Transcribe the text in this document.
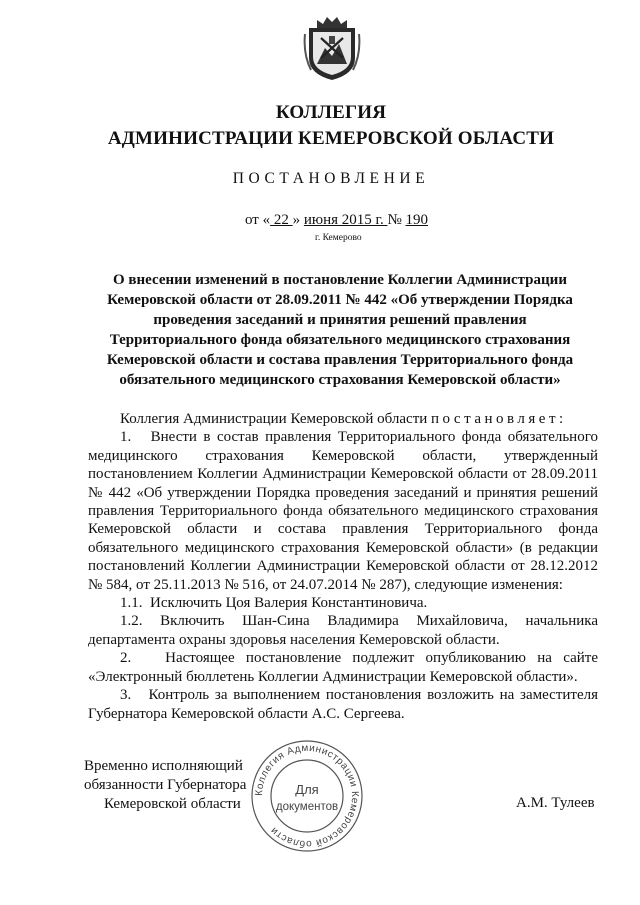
КОЛЛЕГИЯ
АДМИНИСТРАЦИИ КЕМЕРОВСКОЙ ОБЛАСТИ
ПОСТАНОВЛЕНИЕ
от « 22 » июня 2015 г. № 190
г. Кемерово
О внесении изменений в постановление Коллегии Администрации
Кемеровской области от 28.09.2011 № 442 «Об утверждении Порядка
проведения заседаний и принятия решений правления
Территориального фонда обязательного медицинского страхования
Кемеровской области и состава правления Территориального фонда
обязательного медицинского страхования Кемеровской области»

Коллегия Администрации Кемеровской области постановляет:

1.   Внести в состав правления Территориального фонда обязательного медицинского страхования Кемеровской области, утвержденный постановлением Коллегии Администрации Кемеровской области от 28.09.2011 № 442 «Об утверждении Порядка проведения заседаний и принятия решений правления Территориального фонда обязательного медицинского страхования Кемеровской области и состава правления Территориального фонда обязательного медицинского страхования Кемеровской области» (в редакции постановлений Коллегии Администрации Кемеровской области от 28.12.2012 № 584, от 25.11.2013 № 516, от 24.07.2014 № 287), следующие изменения:

1.1.  Исключить Цоя Валерия Константиновича.

1.2. Включить Шан-Сина Владимира Михайловича, начальника департамента охраны здоровья населения Кемеровской области.

2.   Настоящее постановление подлежит опубликованию на сайте «Электронный бюллетень Коллегии Администрации Кемеровской области».

3.   Контроль за выполнением постановления возложить на заместителя Губернатора Кемеровской области А.С. Сергеева.

Временно исполняющий
обязанности Губернатора
Кемеровской области	А.М. Тулеев
Коллегия Администрации Кемеровской области
Для
документов
